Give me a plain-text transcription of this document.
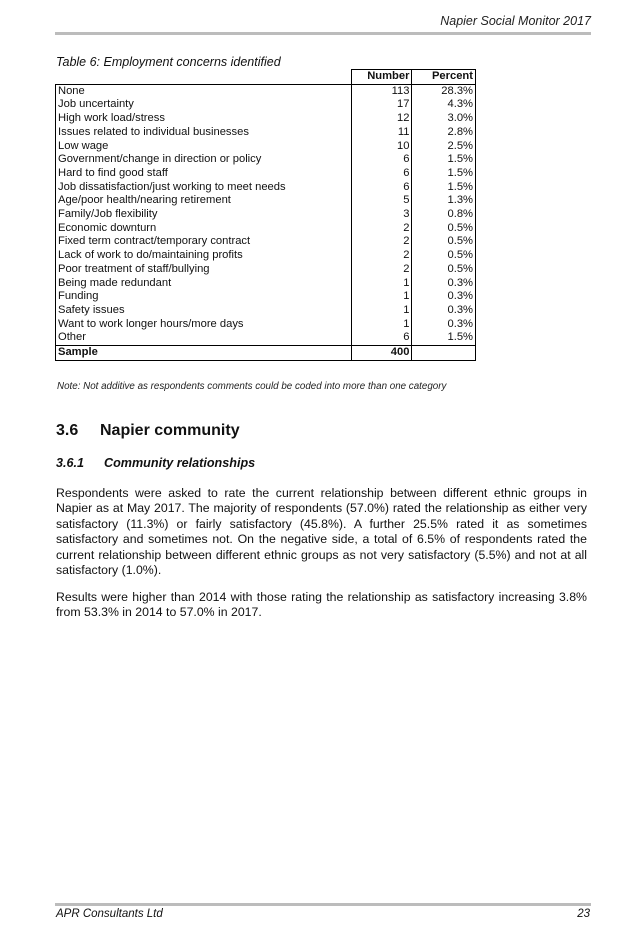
Napier Social Monitor 2017
Table 6: Employment concerns identified
	Number	Percent
None	113	28.3%
Job uncertainty	17	4.3%
High work load/stress	12	3.0%
Issues related to individual businesses	11	2.8%
Low wage	10	2.5%
Government/change in direction or policy	6	1.5%
Hard to find good staff	6	1.5%
Job dissatisfaction/just working to meet needs	6	1.5%
Age/poor health/nearing retirement	5	1.3%
Family/Job flexibility	3	0.8%
Economic downturn	2	0.5%
Fixed term contract/temporary contract	2	0.5%
Lack of work to do/maintaining profits	2	0.5%
Poor treatment of staff/bullying	2	0.5%
Being made redundant	1	0.3%
Funding	1	0.3%
Safety issues	1	0.3%
Want to work longer hours/more days	1	0.3%
Other	6	1.5%
Sample	400	
Note: Not additive as respondents comments could be coded into more than one category
3.6 Napier community
3.6.1 Community relationships

Respondents were asked to rate the current relationship between different ethnic groups in Napier as at May 2017. The majority of respondents (57.0%) rated the relationship as either very satisfactory (11.3%) or fairly satisfactory (45.8%). A further 25.5% rated it as sometimes satisfactory and sometimes not. On the negative side, a total of 6.5% of respondents rated the current relationship between different ethnic groups as not very satisfactory (5.5%) and not at all satisfactory (1.0%).

Results were higher than 2014 with those rating the relationship as satisfactory increasing 3.8% from 53.3% in 2014 to 57.0% in 2017.

APR Consultants Ltd	23
